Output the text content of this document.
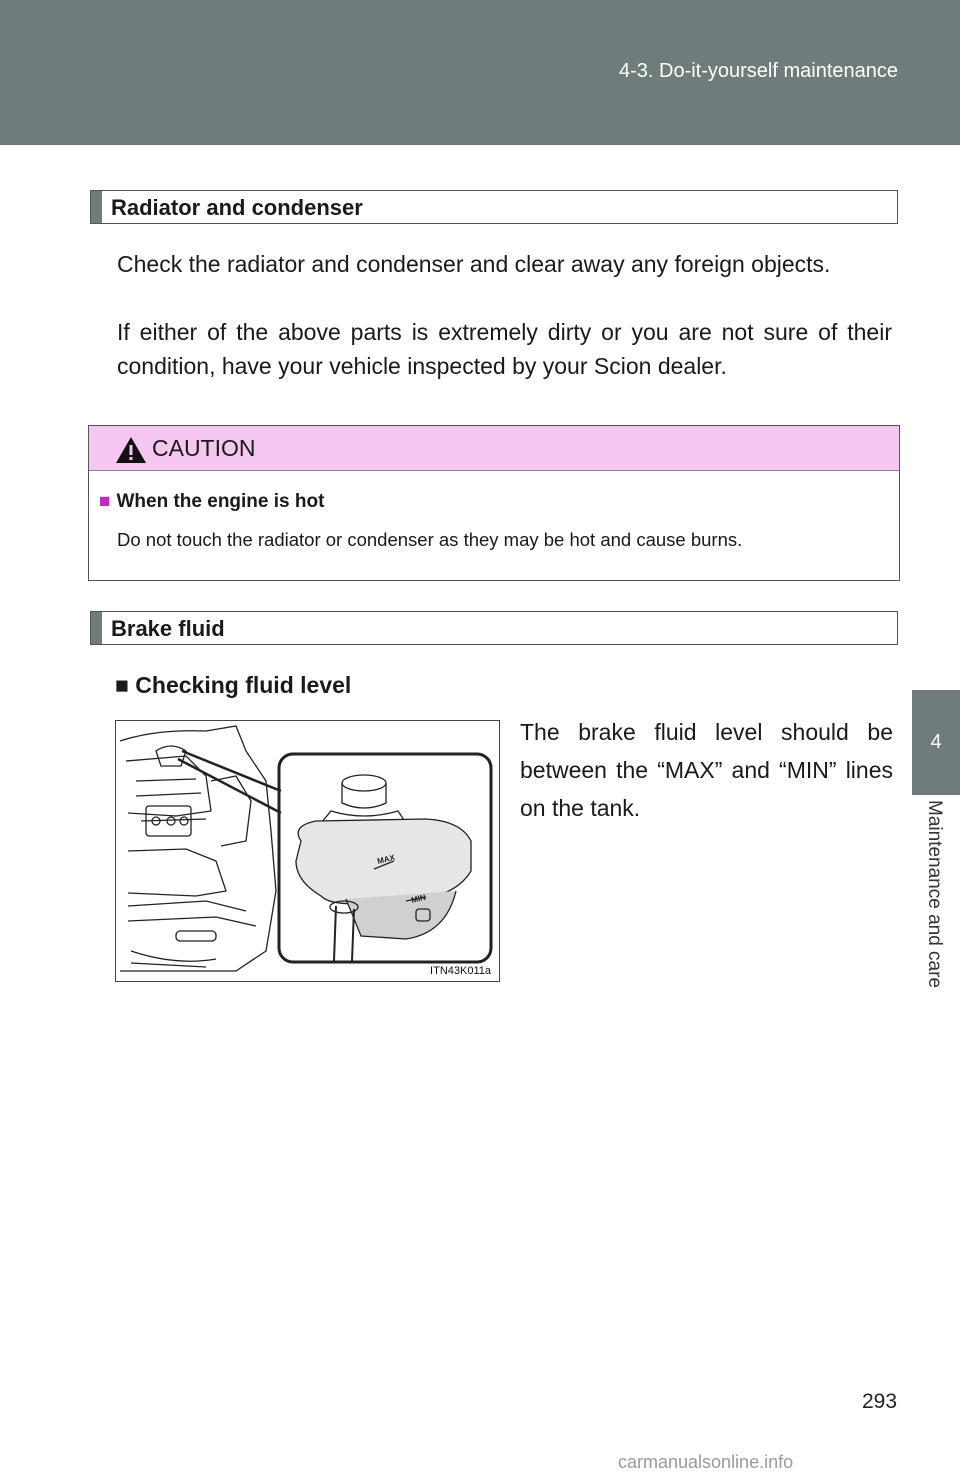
4-3. Do-it-yourself maintenance
4
Maintenance and care
Radiator and condenser
Check the radiator and condenser and clear away any foreign objects.
If either of the above parts is extremely dirty or you are not sure of their condition, have your vehicle inspected by your Scion dealer.
CAUTION
■ When the engine is hot
Do not touch the radiator or condenser as they may be hot and cause burns.
Brake fluid
■ Checking fluid level
MAX
MIN
ITN43K011a
The brake fluid level should be between the “MAX” and “MIN” lines on the tank.
293
carmanualsonline.info
